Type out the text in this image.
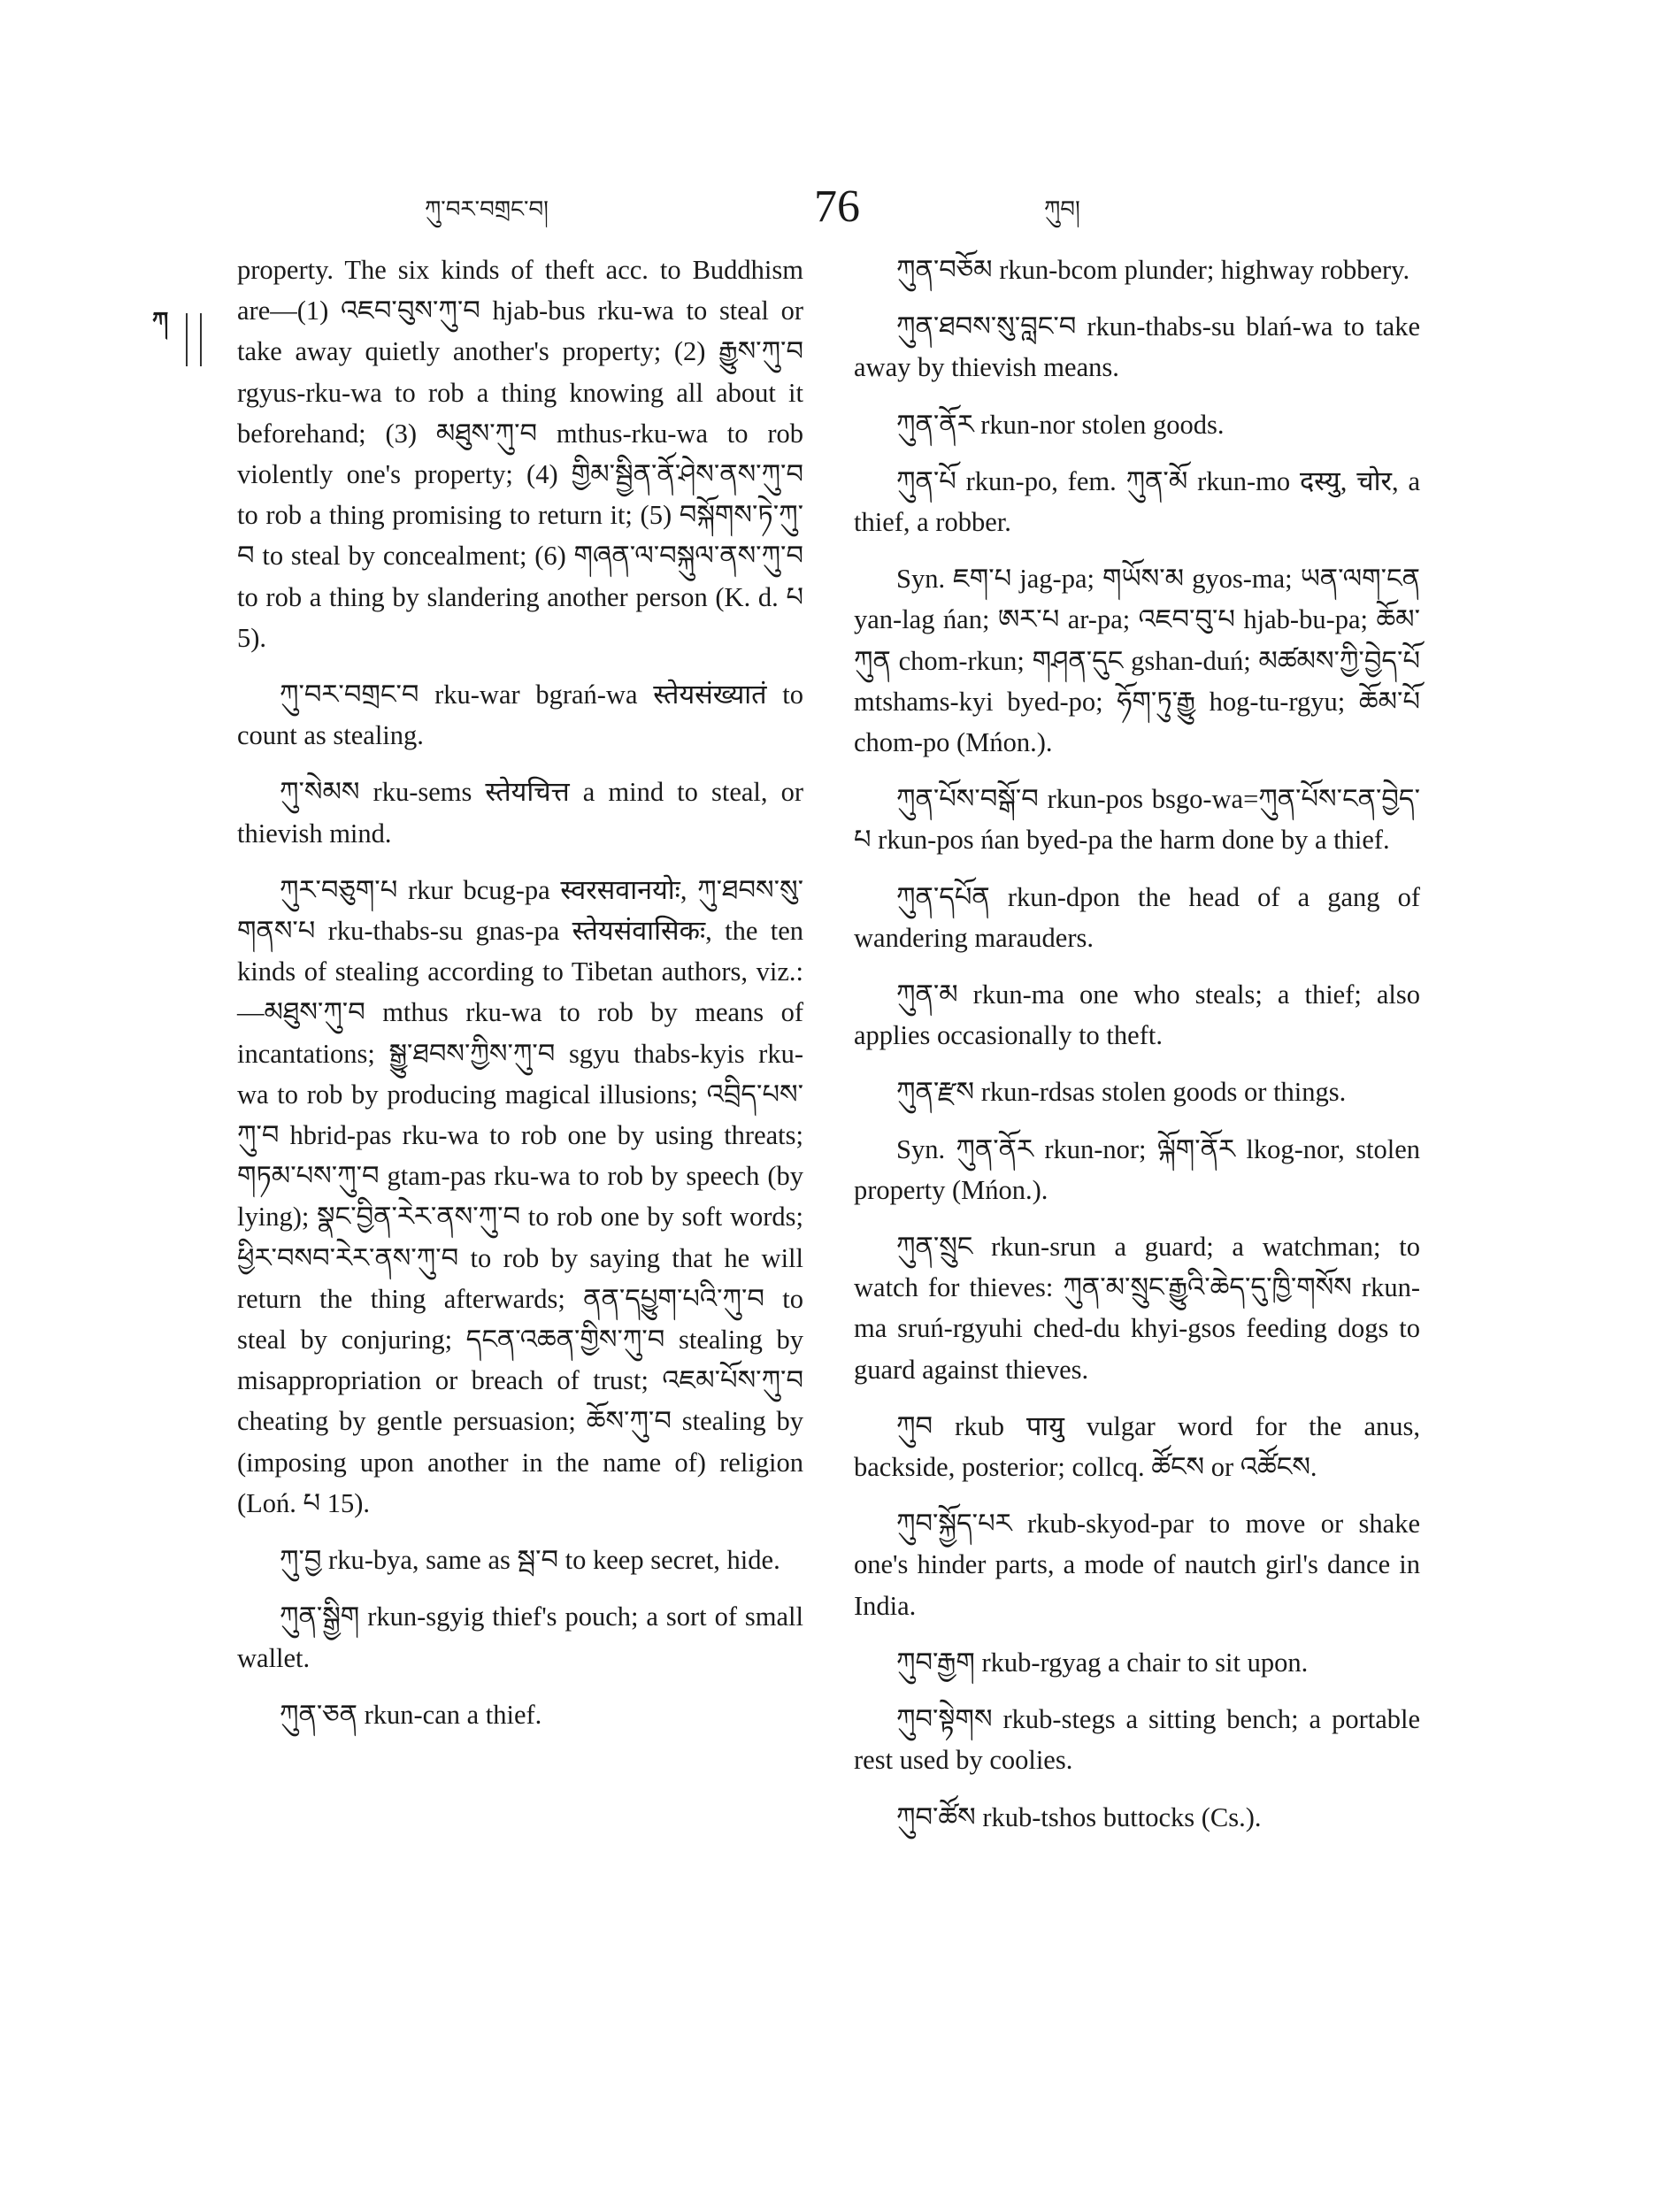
ཀུ་བར་བགྲང་བ།	76	ཀུབ།
ཀ

property. The six kinds of theft acc. to Buddhism are—(1) འཇབ་བུས་ཀུ་བ hjab-bus rku-wa to steal or take away quietly another's property; (2) རྒྱུས་ཀུ་བ rgyus-rku-wa to rob a thing knowing all about it beforehand; (3) མཐུས་ཀུ་བ mthus-rku-wa to rob violently one's property; (4) གྱིམ་སྦྱིན་ནོ་ཤེས་ནས་ཀུ་བ to rob a thing promising to return it; (5) བསྐོགས་ཏེ་ཀུ་བ to steal by concealment; (6) གཞན་ལ་བསྐུལ་ནས་ཀུ་བ to rob a thing by slandering another person (K. d. པ 5).

ཀུ་བར་བགྲང་བ rku-war bgrań-wa स्तेयसंख्यातं to count as stealing.

ཀུ་སེམས rku-sems स्तेयचित्त a mind to steal, or thievish mind.

ཀུར་བཅུག་པ rkur bcug-pa स्वरसवानयोः, ཀུ་ཐབས་སུ་གནས་པ rku-thabs-su gnas-pa स्तेयसंवासिकः, the ten kinds of stealing according to Tibetan authors, viz.:—མཐུས་ཀུ་བ mthus rku-wa to rob by means of incantations; སྒྱུ་ཐབས་ཀྱིས་ཀུ་བ sgyu thabs-kyis rku-wa to rob by producing magical illusions; འབྲིད་པས་ཀུ་བ hbrid-pas rku-wa to rob one by using threats; གཏམ་པས་ཀུ་བ gtam-pas rku-wa to rob by speech (by lying); སྣང་བྱིན་རེར་ནས་ཀུ་བ to rob one by soft words; ཕྱིར་བསབ་རེར་ནས་ཀུ་བ to rob by saying that he will return the thing afterwards; ནན་དཔྱུག་པའི་ཀུ་བ to steal by conjuring; དངན་འཆན་གྱིས་ཀུ་བ stealing by misappropriation or breach of trust; འཇམ་པོས་ཀུ་བ cheating by gentle persuasion; ཆོས་ཀུ་བ stealing by (imposing upon another in the name of) religion (Loń. པ 15).

ཀུ་བྱ rku-bya, same as སྦ་བ to keep secret, hide.

ཀུན་སྒྱིག rkun-sgyig thief's pouch; a sort of small wallet.

ཀུན་ཅན rkun-can a thief.

ཀུན་བཅོམ rkun-bcom plunder; highway robbery.

ཀུན་ཐབས་སུ་བླང་བ rkun-thabs-su blań-wa to take away by thievish means.

ཀུན་ནོར rkun-nor stolen goods.

ཀུན་པོ rkun-po, fem. ཀུན་མོ rkun-mo दस्यु, चोर, a thief, a robber.

Syn. ཇག་པ jag-pa; གཡོས་མ gyos-ma; ཡན་ལག་ངན yan-lag ńan; ཨར་པ ar-pa; འཇབ་བུ་པ hjab-bu-pa; ཆོམ་ཀུན chom-rkun; གཤན་དུང gshan-duń; མཚམས་ཀྱི་བྱེད་པོ mtshams-kyi byed-po; ཧོག་ཏུ་རྒྱུ hog-tu-rgyu; ཆོམ་པོ chom-po (Mńon.).

ཀུན་པོས་བསྒོ་བ rkun-pos bsgo-wa=ཀུན་པོས་ངན་བྱེད་པ rkun-pos ńan byed-pa the harm done by a thief.

ཀུན་དཔོན rkun-dpon the head of a gang of wandering marauders.

ཀུན་མ rkun-ma one who steals; a thief; also applies occasionally to theft.

ཀུན་རྫས rkun-rdsas stolen goods or things.

Syn. ཀུན་ནོར rkun-nor; ལྐོག་ནོར lkog-nor, stolen property (Mńon.).

ཀུན་སྲུང rkun-srun a guard; a watchman; to watch for thieves: ཀུན་མ་སྲུང་རྒྱུའི་ཆེད་དུ་ཁྱི་གསོས rkun-ma sruń-rgyuhi ched-du khyi-gsos feeding dogs to guard against thieves.

ཀུབ rkub पायु vulgar word for the anus, backside, posterior; collcq. ཚོངས or འཚོངས.

ཀུབ་སྐྱོད་པར rkub-skyod-par to move or shake one's hinder parts, a mode of nautch girl's dance in India.

ཀུབ་རྒྱག rkub-rgyag a chair to sit upon.

ཀུབ་སྟེགས rkub-stegs a sitting bench; a portable rest used by coolies.

ཀུབ་ཚོས rkub-tshos buttocks (Cs.).
